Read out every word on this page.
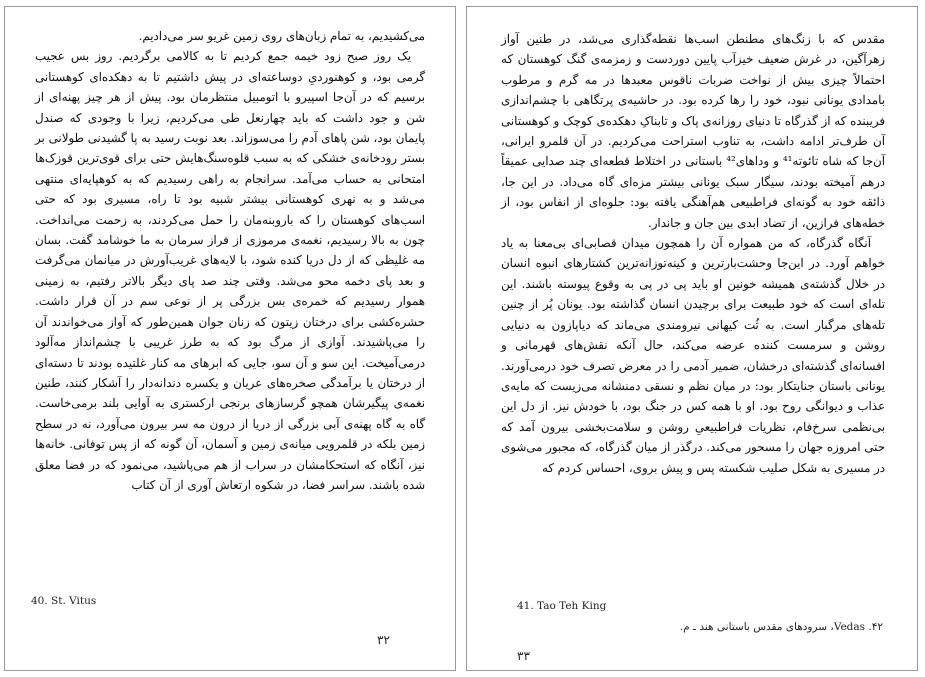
می‌کشیدیم، به تمام زبان‌های روی زمین غریو سر می‌دادیم.

یک روز صبح زود خیمه جمع کردیم تا به کالامی برگردیم. روز بس عجیب گرمی بود، و کوهنوردیِ دوساعته‌ای در پیش داشتیم تا به دهکده‌ای کوهستانی برسیم که در آن‌جا اسپیرو با اتومبیل منتظرمان بود. پیش از هر چیز پهنه‌ای از شن و جود داشت که باید چهارنعل طی می‌کردیم، زیرا با وجودی که صندل پایمان بود، شن پاهای آدم را می‌سوزاند. بعد نوبت رسید به پا گشیدنی طولانی بر بستر رودخانه‌ی خشکی که به سبب قلوه‌سنگ‌هایش حتی برای قوی‌ترین قوزک‌ها امتحانی به حساب می‌آمد. سرانجام به راهی رسیدیم که به کوهپایه‌ای منتهی می‌شد و به نهری کوهستانی بیشتر شبیه بود تا راه، مسیری بود که حتی اسب‌های کوهستان را که بارو‌بنه‌مان را حمل می‌کردند، به زحمت می‌انداخت. چون به بالا رسیدیم، نغمه‌ی مرموزی از فراز سرمان به ما خوشامد گفت. بسان مه غلیظی که از دل دریا کنده شود، با لایه‌های غریب‌آورش در میانمان می‌گرفت و بعد پای دخمه محو می‌شد. وقتی چند صد پای دیگر بالاتر رفتیم، به زمینی هموار رسیدیم که خمره‌ی بس بزرگی پر از نوعی سم در آن قرار داشت. حشره‌کشی برای درختان زیتون که زنان جوان همین‌طور که آواز می‌خواندند آن را می‌پاشیدند. آوازی از مرگ بود که به طرز غریبی با چشم‌انداز مه‌آلود درمی‌آمیخت. این سو و آن سو، جایی که ابرهای مه کنار غلتیده بودند تا دسته‌ای از درختان یا برآمدگی صخره‌های عریان و یکسره دندانه‌دار را آشکار کنند، طنین نغمه‌ی پیگیرشان همچو گرسازهای برنجی ارکستری به آوایی بلند برمی‌خاست. گاه به گاه پهنه‌ی آبی بزرگی از دریا از درون مه سر بیرون می‌آورد، نه در سطح زمین بلکه در قلمرویی میانه‌ی زمین و آسمان، آن گونه که از پس توفانی. خانه‌ها نیز، آنگاه که استحکامشان در سراب از هم می‌پاشید، می‌نمود که در فضا معلق شده باشند. سراسر فضا، در شکوه ارتعاش آوری از آن کتاب

40. St. Vitus
۳۲

مقدس که با زنگ‌های مطنطن اسب‌ها نقطه‌گذاری می‌شد، در طنین آواز زهرآگین، در غرش ضعیف خیزآب پایین دوردست و زمزمه‌ی گنگ کوهستان که احتمالاً چیزی بیش از نواخت ضربات ناقوس معبدها در مه گرم و مرطوب بامدادی یونانی نبود، خود را رها کرده بود. در حاشیه‌ی پرتگاهی با چشم‌اندازی فریبنده که از گذرگاه تا دنیای روزانه‌ی پاک و تابناکِ دهکده‌ی کوچک و کوهستانی آن طرف‌تر ادامه داشت، به تناوب استراحت می‌کردیم. در آن قلمرو ایرانی، آن‌جا که شاه تائوته⁴¹ و وداهای⁴² باستانی در اختلاط قطعه‌ای چند صدایی عمیقاً درهم آمیخته بودند، سیگار سبک یونانی بیشتر مزه‌ای گاه می‌داد. در این جا، ذائقه خود به گونه‌ای فراطبیعی هم‌آهنگی یافته بود: جلوه‌ای از انفاس بود، از خطه‌های فرازین، از تضاد ابدی بین جان و جاندار.

آنگاه گذرگاه، که من همواره آن را همچون میدان قصابی‌ای بی‌معنا به یاد خواهم آورد. در این‌جا وحشت‌بارترین و کینه‌توزانه‌ترین کشتارهای انبوه انسان در خلال گذشته‌ی همیشه خونین او باید پی در پی به وقوع پیوسته باشند. این تله‌ای است که خود طبیعت برای برچیدن انسان گذاشته بود. یونان پُر از چنین تله‌های مرگبار است. به ثُت کیهانی نیرومندی می‌ماند که دیاپازون به دنیایی روشن و سرمست کننده عرضه می‌کند، حال آنکه نقش‌های قهرمانی و افسانه‌ای گذشته‌ای درخشان، ضمیر آدمی را در معرض تصرف خود درمی‌آورند. یونانی باستان جنایتکار بود: در میان نظم و نسقی دمنشانه می‌زیست که مایه‌ی عذاب و دیوانگی روح بود. او با همه کس در جنگ بود، با خودش نیز. از دل این بی‌نظمی سرخ‌فام، نظریات فراطبیعیِ روشن و سلامت‌بخشی بیرون آمد که حتی امروزه جهان را مسحور می‌کند. درگذر از میان گذرگاه، که مجبور می‌شوی در مسیری به شکل صلیب شکسته پس و پیش بروی، احساس کردم که

41. Tao Teh King
۴۲. Vedas، سرودهای مقدس باستانی هند ـ م.
۳۳
